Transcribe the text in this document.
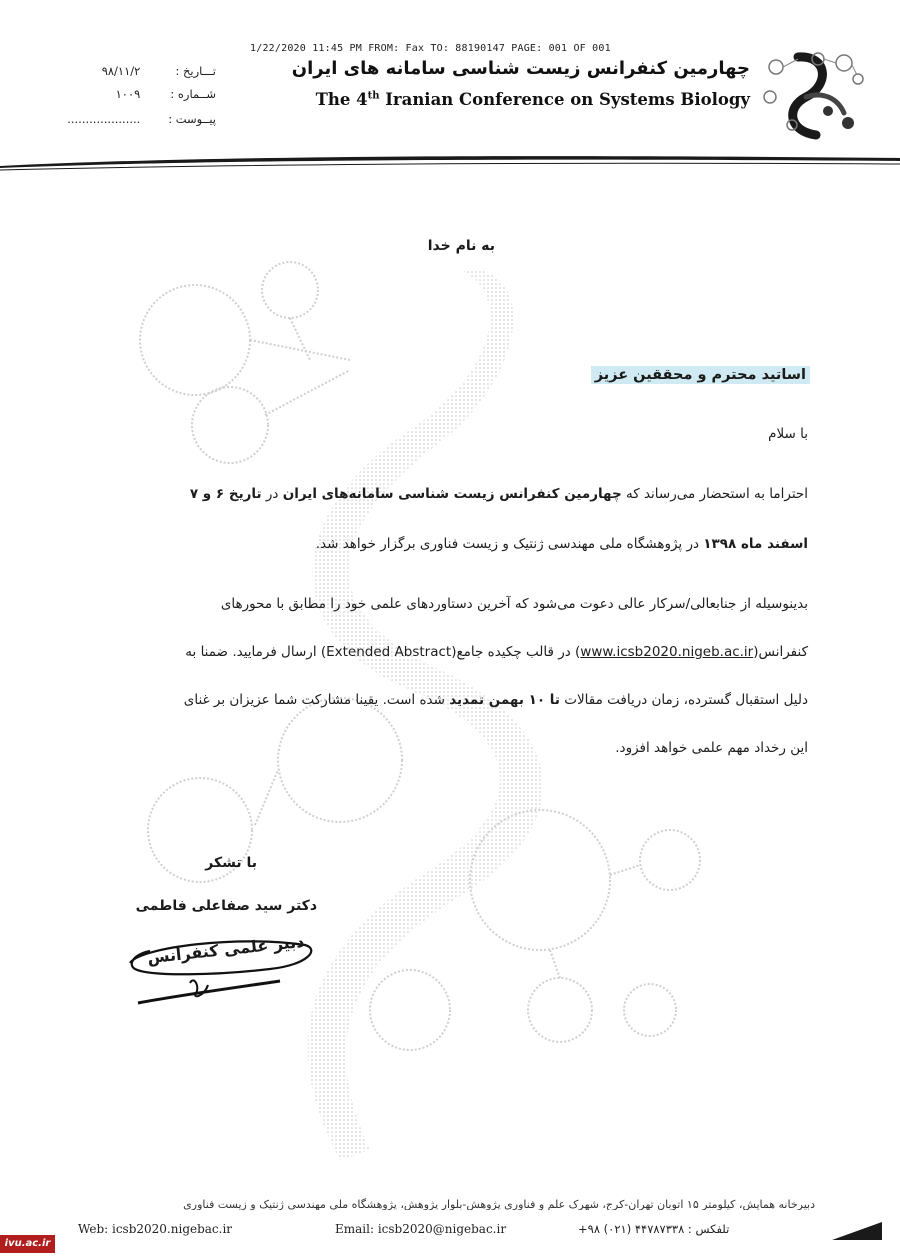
1/22/2020 11:45 PM FROM: Fax TO: 88190147 PAGE: 001 OF 001
تـــاريخ : ۹۸/۱۱/۲
شــماره : ۱۰۰۹
پيــوست : ....................
چهارمین کنفرانس زیست شناسی سامانه های ایران
The 4th Iranian Conference on Systems Biology
به نام خدا
اساتید محترم و محققین عزیز
با سلام
احتراما به استحضار می‌رساند که چهارمین کنفرانس زیست شناسی سامانه‌های ایران در تاریخ ۶ و ۷
اسفند ماه ۱۳۹۸ در پژوهشگاه ملی مهندسی ژنتیک و زیست فناوری برگزار خواهد شد.
بدینوسیله از جنابعالی/سرکار عالی دعوت می‌شود که آخرین دستاوردهای علمی خود را مطابق با محورهای
کنفرانس(www.icsb2020.nigeb.ac.ir) در قالب چکیده جامع(Extended Abstract) ارسال فرمایید. ضمنا به
دلیل استقبال گسترده، زمان دریافت مقالات تا ۱۰ بهمن تمدید شده است. یقینا مشارکت شما عزیزان بر غنای
این رخداد مهم علمی خواهد افزود.
با تشکر
دکتر سید صفاعلی فاطمی
دبیر علمی کنفرانس
دبیرخانه همایش، کیلومتر ۱۵ اتوبان تهران-کرج، شهرک علم و فناوری پژوهش-بلوار پژوهش، پژوهشگاه ملی مهندسی ژنتیک و زیست فناوری
Web: icsb2020.nigebac.ir	Email: icsb2020@nigebac.ir	تلفکس : ۴۴۷۸۷۳۳۸ (۰۲۱) ۹۸+
ivu.ac.ir
